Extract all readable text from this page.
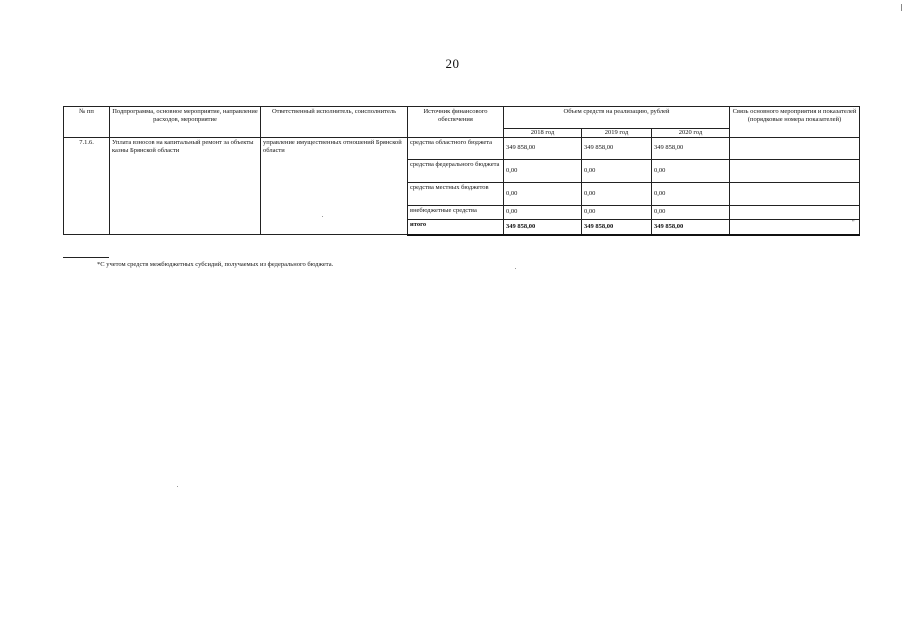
20
№ пп	Подпрограмма, основное мероприятие, направление расходов, мероприятие	Ответственный исполнитель, соисполнитель	Источник финансового обеспечения	Объем средств на реализацию, рублей			Связь основного мероприятия и показателей (порядковые номера показателей)
				2018 год	2019 год	2020 год	
7.1.6.	Уплата взносов на капитальный ремонт за объекты казны Брянской области	управление имущественных отношений Брянской области	средства областного бюджета	349 858,00	349 858,00	349 858,00	
			средства федерального бюджета	0,00	0,00	0,00	
			средства местных бюджетов	0,00	0,00	0,00	
			внебюджетные средства	0,00	0,00	0,00	
			итого	349 858,00	349 858,00	349 858,00	"
*С учетом средств межбюджетных субсидий, получаемых из федерального бюджета.
